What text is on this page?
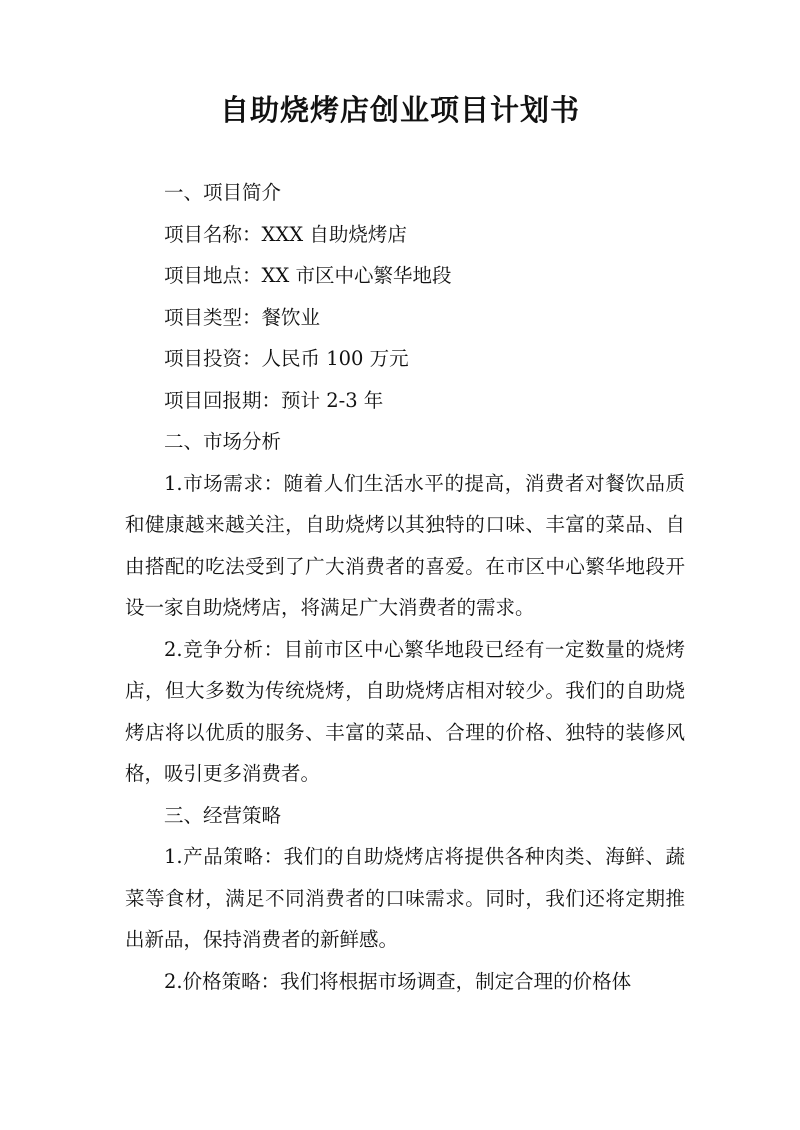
自助烧烤店创业项目计划书
一、项目简介
项目名称：XXX 自助烧烤店
项目地点：XX 市区中心繁华地段
项目类型：餐饮业
项目投资：人民币 100 万元
项目回报期：预计 2-3 年
二、市场分析

1.市场需求：随着人们生活水平的提高，消费者对餐饮品质和健康越来越关注，自助烧烤以其独特的口味、丰富的菜品、自由搭配的吃法受到了广大消费者的喜爱。在市区中心繁华地段开设一家自助烧烤店，将满足广大消费者的需求。

2.竞争分析：目前市区中心繁华地段已经有一定数量的烧烤店，但大多数为传统烧烤，自助烧烤店相对较少。我们的自助烧烤店将以优质的服务、丰富的菜品、合理的价格、独特的装修风格，吸引更多消费者。

三、经营策略

1.产品策略：我们的自助烧烤店将提供各种肉类、海鲜、蔬菜等食材，满足不同消费者的口味需求。同时，我们还将定期推出新品，保持消费者的新鲜感。

2.价格策略：我们将根据市场调查，制定合理的价格体
